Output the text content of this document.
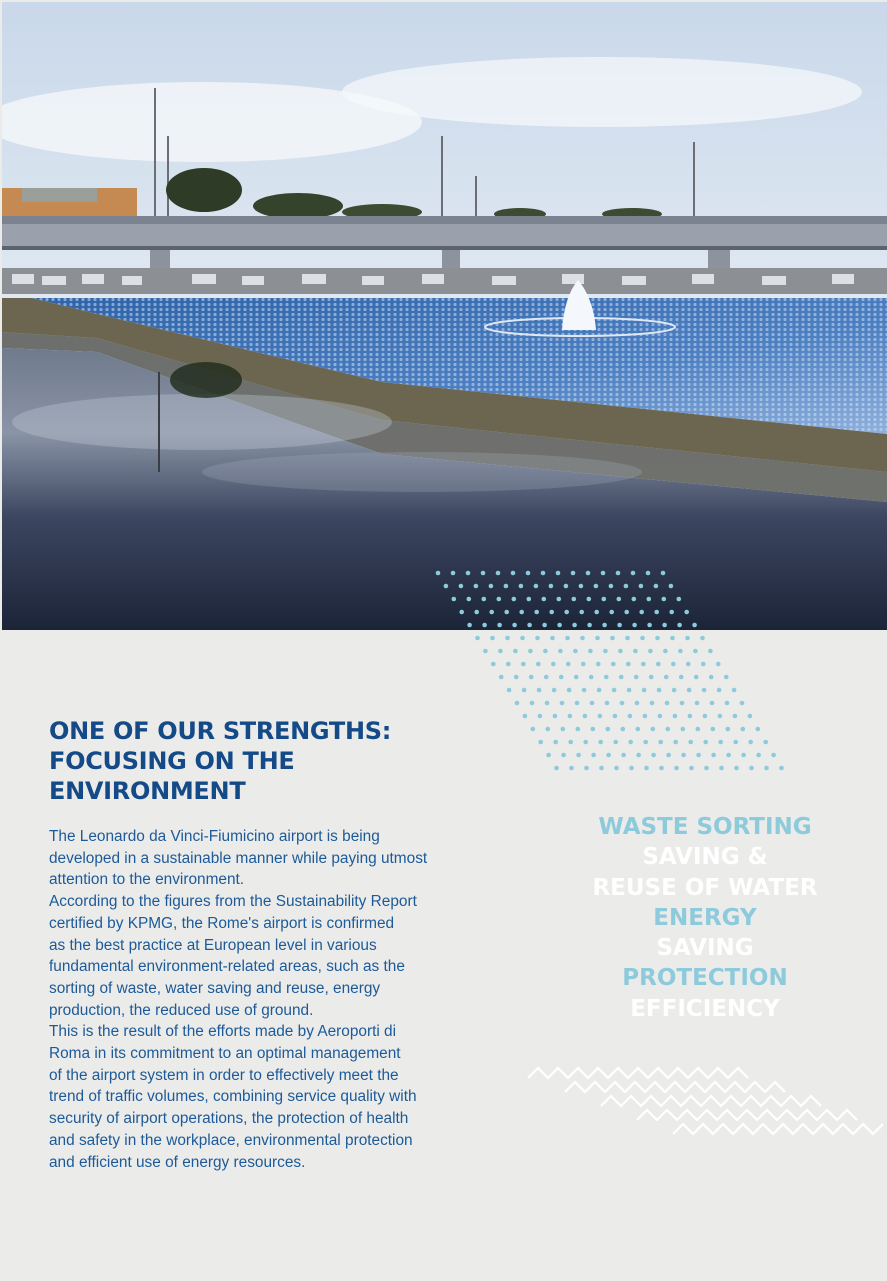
ONE OF OUR STRENGTHS:
FOCUSING ON THE
ENVIRONMENT

The Leonardo da Vinci-Fiumicino airport is being

developed in a sustainable manner while paying utmost

attention to the environment.

According to the figures from the Sustainability Report

certified by KPMG, the Rome's airport is confirmed

as the best practice at European level in various

fundamental environment-related areas, such as the

sorting of waste, water saving and reuse, energy

production, the reduced use of ground.

This is the result of the efforts made by Aeroporti di

Roma in its commitment to an optimal management

of the airport system in order to effectively meet the

trend of traffic volumes, combining service quality with

security of airport operations, the protection of health

and safety in the workplace, environmental protection

and efficient use of energy resources.

WASTE SORTING
SAVING &
REUSE OF WATER
ENERGY
SAVING
PROTECTION
EFFICIENCY
